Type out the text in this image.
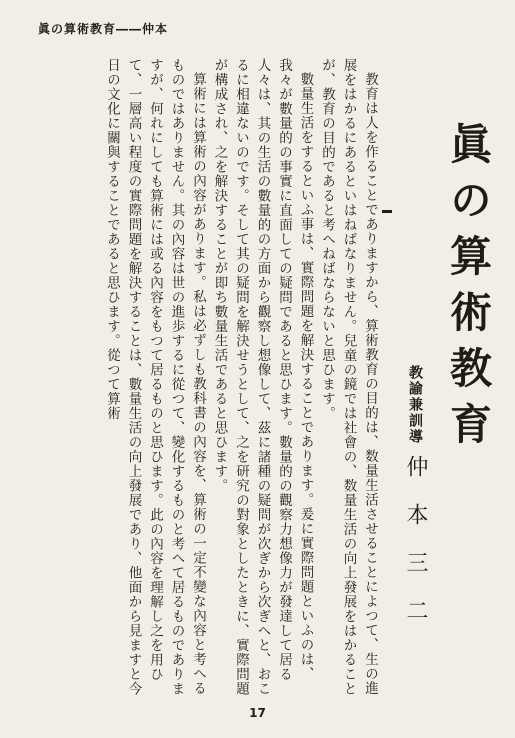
眞の算術教育――仲本

教育は人を作ることでありますから、算術教育の目的は、数量生活させることによつて、生の進展をはかるにあるといはねばなりません。兒童の鏡では社會の、数量生活の向上發展をはかることが、教育の目的であると考へねばならないと思ひます。

數量生活をするといふ事は、實際問題を解決することであります。爰に實際問題といふのは、我々が數量的の事實に直面しての疑問であると思ひます。數量的の觀察力想像力が發達して居る人々は、其の生活の數量的の方面から觀察し想像して、茲に諸種の疑問が次ぎから次ぎへと、おこるに相違ないのです。そして其の疑問を解決せうとして、之を研究の對象としたときに、實際問題が構成され、之を解決することが即ち數量生活であると思ひます。

算術には算術の內容があります。私は必ずしも教科書の內容を、算術の一定不變な內容と考へるものではありません。其の內容は世の進歩するに從つて、變化するものと考へて居るものでありますが、何れにしても算術には或る內容をもつて居るものと思ひます。此の內容を理解し之を用ひて、一層高い程度の實際問題を解決することは、數量生活の向上發展であり、他面から見ますと今日の文化に關與することであると思ひます。從つて算術	眞の算術教育
教諭兼訓導
仲本三二
17
